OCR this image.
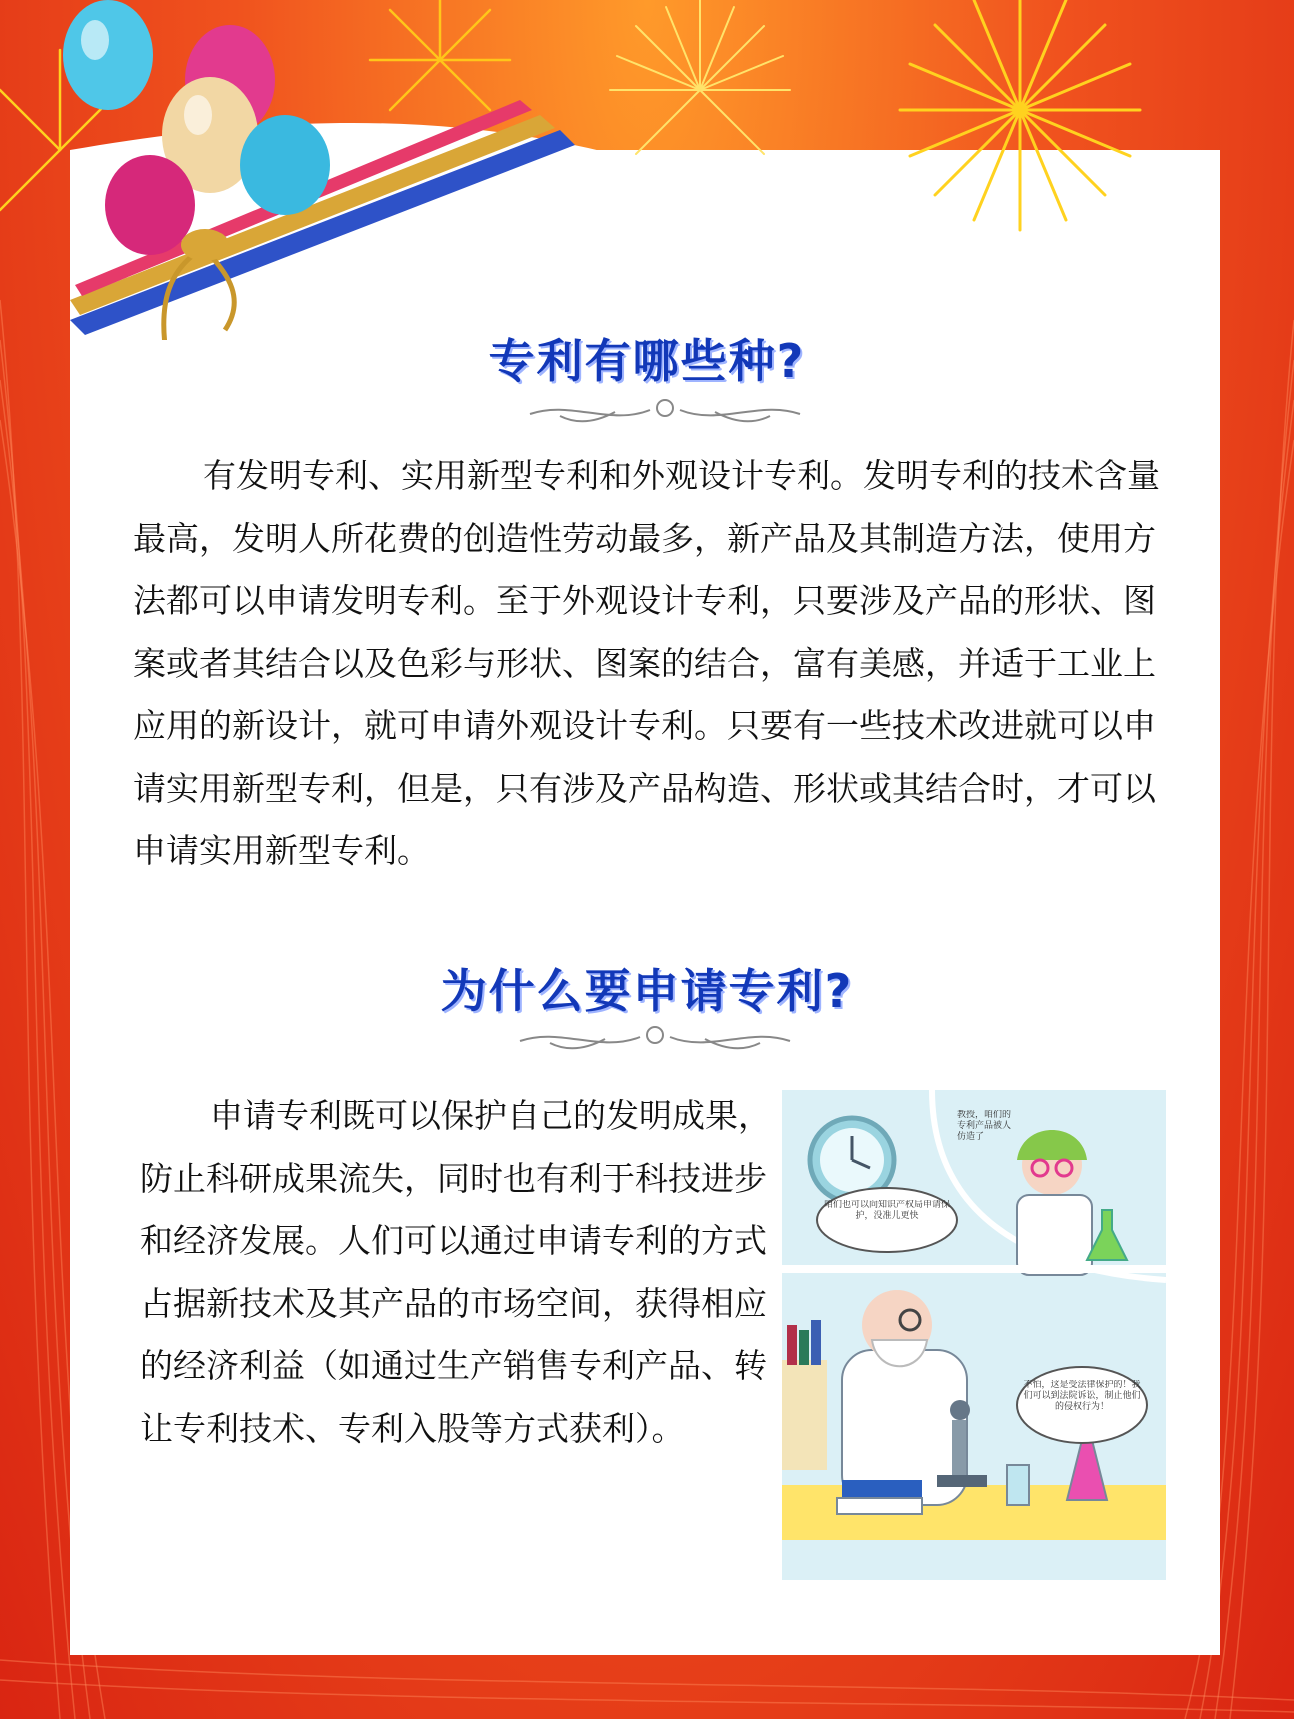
专利有哪些种?

有发明专利、实用新型专利和外观设计专利。发明专利的技术含量最高，发明人所花费的创造性劳动最多，新产品及其制造方法，使用方法都可以申请发明专利。至于外观设计专利，只要涉及产品的形状、图案或者其结合以及色彩与形状、图案的结合，富有美感，并适于工业上应用的新设计，就可申请外观设计专利。只要有一些技术改进就可以申请实用新型专利，但是，只有涉及产品构造、形状或其结合时，才可以申请实用新型专利。

为什么要申请专利?

申请专利既可以保护自己的发明成果，防止科研成果流失，同时也有利于科技进步和经济发展。人们可以通过申请专利的方式占据新技术及其产品的市场空间，获得相应的经济利益（如通过生产销售专利产品、转让专利技术、专利入股等方式获利）。

咱们也可以向知识产权局申请保护，没准儿更快
不怕，这是受法律保护的！我们可以到法院诉讼，制止他们的侵权行为！
教授，咱们的专利产品被人仿造了
